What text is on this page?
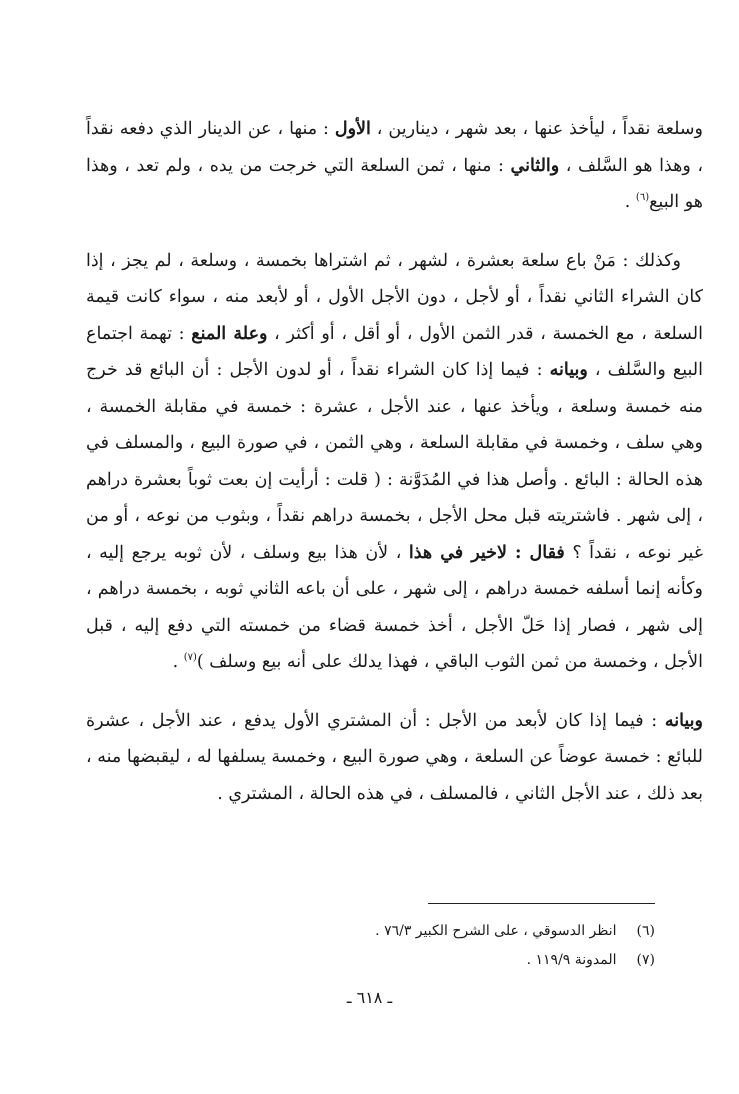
وسلعة نقداً ، ليأخذ عنها ، بعد شهر ، دينارين ، الأول : منها ، عن الدينار الذي دفعه نقداً ، وهذا هو السَّلف ، والثاني : منها ، ثمن السلعة التي خرجت من يده ، ولم تعد ، وهذا هو البيع$^{(٦)}$ .

وكذلك : مَنْ باع سلعة بعشرة ، لشهر ، ثم اشتراها بخمسة ، وسلعة ، لم يجز ، إذا كان الشراء الثاني نقداً ، أو لأجل ، دون الأجل الأول ، أو لأبعد منه ، سواء كانت قيمة السلعة ، مع الخمسة ، قدر الثمن الأول ، أو أقل ، أو أكثر ، وعلة المنع : تهمة اجتماع البيع والسَّلف ، وبيانه : فيما إذا كان الشراء نقداً ، أو لدون الأجل : أن البائع قد خرج منه خمسة وسلعة ، ويأخذ عنها ، عند الأجل ، عشرة : خمسة في مقابلة الخمسة ، وهي سلف ، وخمسة في مقابلة السلعة ، وهي الثمن ، في صورة البيع ، والمسلف في هذه الحالة : البائع . وأصل هذا في المُدَوَّنة : ( قلت : أرأيت إن بعت ثوباً بعشرة دراهم ، إلى شهر . فاشتريته قبل محل الأجل ، بخمسة دراهم نقداً ، وبثوب من نوعه ، أو من غير نوعه ، نقداً ؟ فقال : لاخير في هذا ، لأن هذا بيع وسلف ، لأن ثوبه يرجع إليه ، وكأنه إنما أسلفه خمسة دراهم ، إلى شهر ، على أن باعه الثاني ثوبه ، بخمسة دراهم ، إلى شهر ، فصار إذا حَلّ الأجل ، أخذ خمسة قضاء من خمسته التي دفع إليه ، قبل الأجل ، وخمسة من ثمن الثوب الباقي ، فهذا يدلك على أنه بيع وسلف )$^{(٧)}$ .

وبيانه : فيما إذا كان لأبعد من الأجل : أن المشتري الأول يدفع ، عند الأجل ، عشرة للبائع : خمسة عوضاً عن السلعة ، وهي صورة البيع ، وخمسة يسلفها له ، ليقبضها منه ، بعد ذلك ، عند الأجل الثاني ، فالمسلف ، في هذه الحالة ، المشتري .

(٦)
انظر الدسوقي ، على الشرح الكبير ٧٦/٣ .
(٧)
المدونة ١١٩/٩ .
ـ ٦١٨ ـ
